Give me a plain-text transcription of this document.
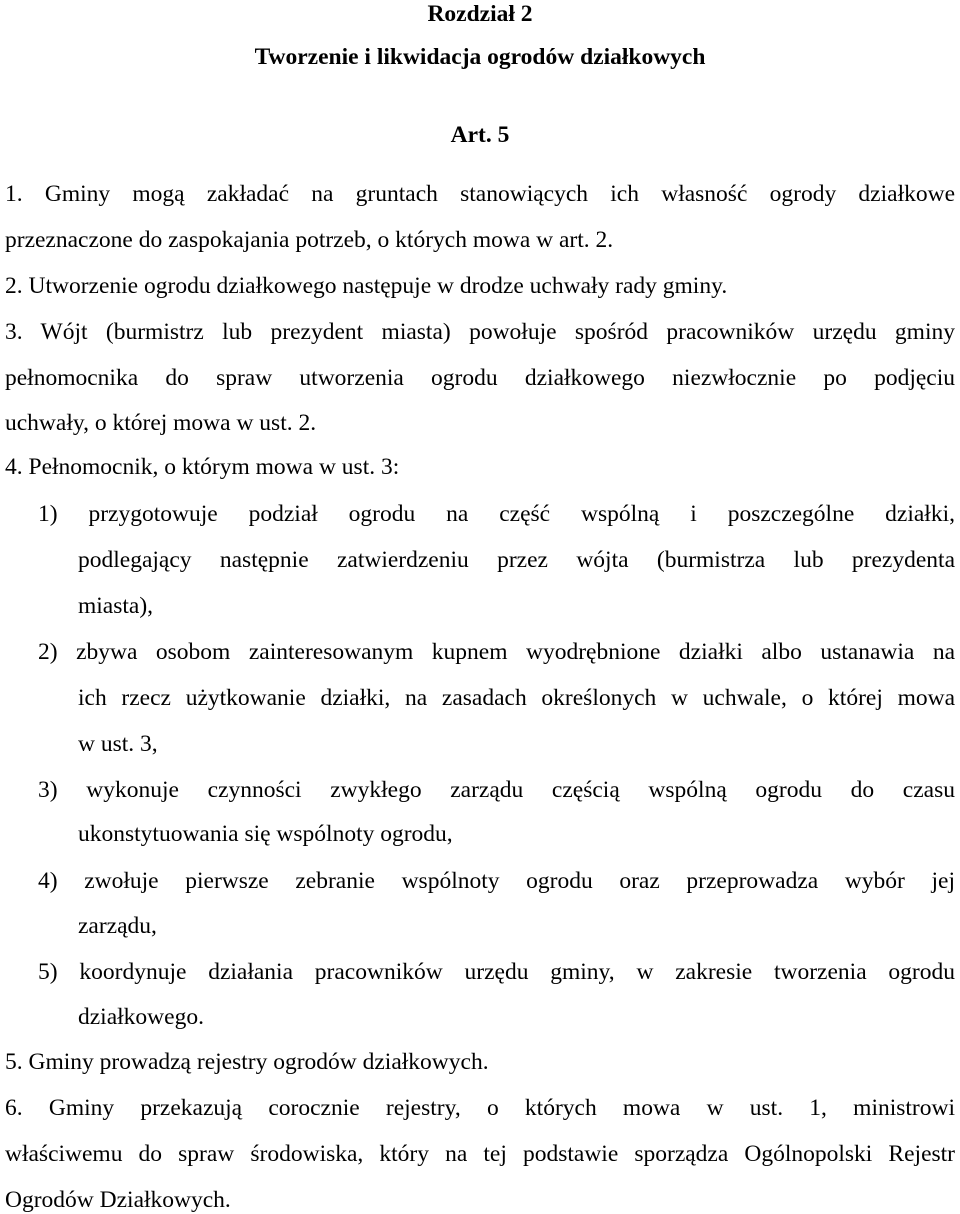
Rozdział 2
Tworzenie i likwidacja ogrodów działkowych
Art. 5
1. Gminy mogą zakładać na gruntach stanowiących ich własność ogrody działkowe
przeznaczone do zaspokajania potrzeb, o których mowa w art. 2.
2. Utworzenie ogrodu działkowego następuje w drodze uchwały rady gminy.
3. Wójt (burmistrz lub prezydent miasta) powołuje spośród pracowników urzędu gminy
pełnomocnika do spraw utworzenia ogrodu działkowego niezwłocznie po podjęciu
uchwały, o której mowa w ust. 2.
4. Pełnomocnik, o którym mowa w ust. 3:
1) przygotowuje podział ogrodu na część wspólną i poszczególne działki,
podlegający następnie zatwierdzeniu przez wójta (burmistrza lub prezydenta
miasta),
2) zbywa osobom zainteresowanym kupnem wyodrębnione działki albo ustanawia na
ich rzecz użytkowanie działki, na zasadach określonych w uchwale, o której mowa
w ust. 3,
3) wykonuje czynności zwykłego zarządu częścią wspólną ogrodu do czasu
ukonstytuowania się wspólnoty ogrodu,
4) zwołuje pierwsze zebranie wspólnoty ogrodu oraz przeprowadza wybór jej
zarządu,
5) koordynuje działania pracowników urzędu gminy, w zakresie tworzenia ogrodu
działkowego.
5. Gminy prowadzą rejestry ogrodów działkowych.
6. Gminy przekazują corocznie rejestry, o których mowa w ust. 1, ministrowi
właściwemu do spraw środowiska, który na tej podstawie sporządza Ogólnopolski Rejestr
Ogrodów Działkowych.
